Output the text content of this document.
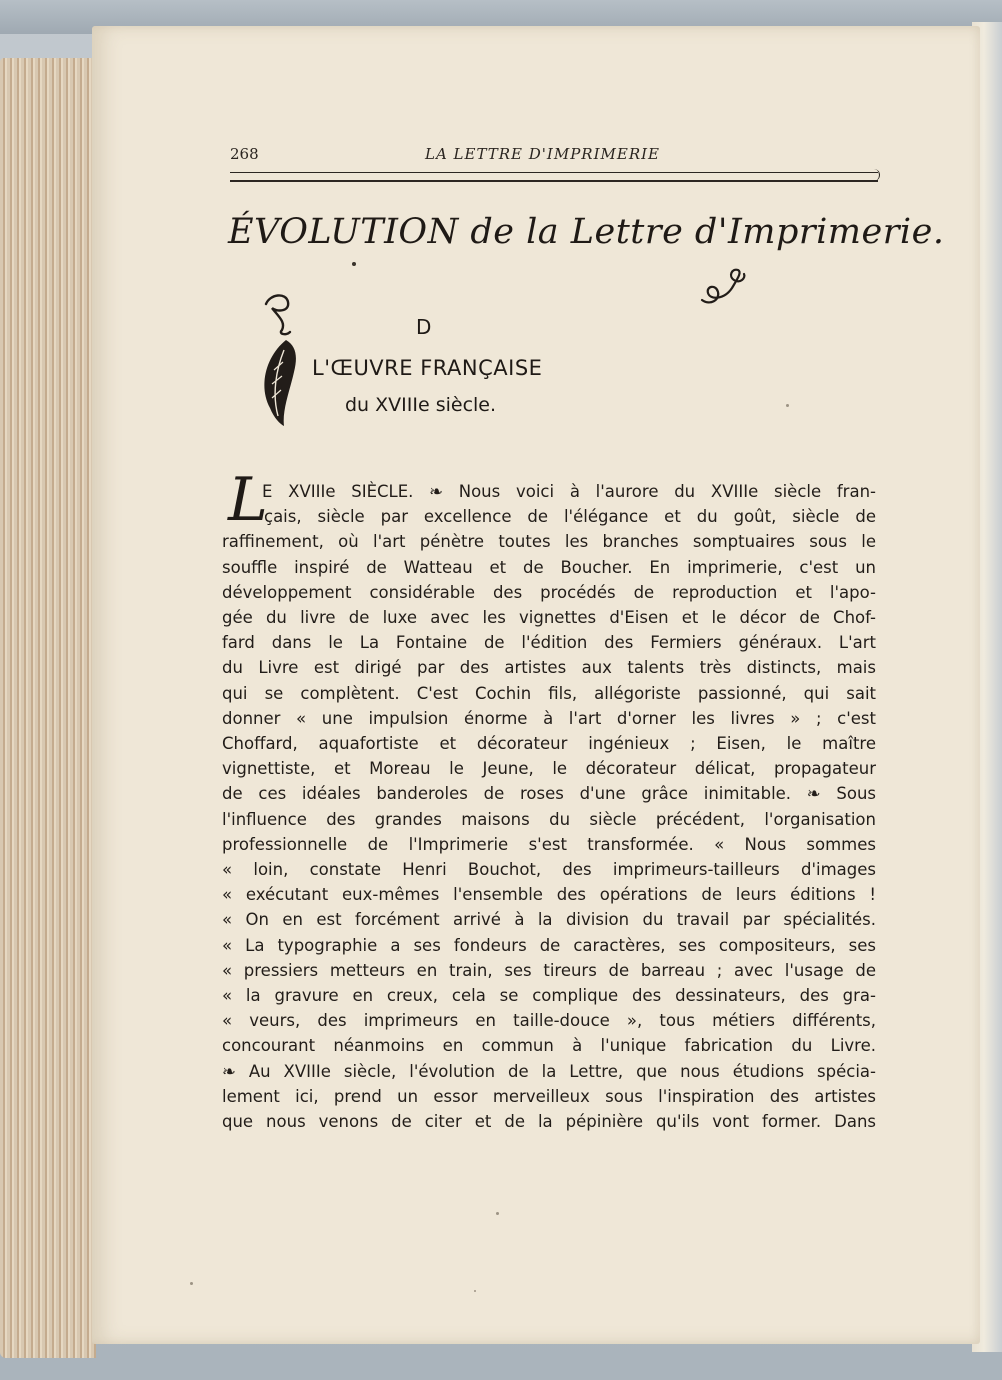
268	LA LETTRE D'IMPRIMERIE
ÉVOLUTION de la Lettre d'Imprimerie.
D
L'ŒUVRE FRANÇAISE
du XVIIIe siècle.
L
E XVIIIe SIÈCLE. ❧ Nous voici à l'aurore du XVIIIe siècle fran-
çais, siècle par excellence de l'élégance et du goût, siècle de
raffinement, où l'art pénètre toutes les branches somptuaires sous le
souffle inspiré de Watteau et de Boucher. En imprimerie, c'est un
développement considérable des procédés de reproduction et l'apo-
gée du livre de luxe avec les vignettes d'Eisen et le décor de Chof-
fard dans le La Fontaine de l'édition des Fermiers généraux. L'art
du Livre est dirigé par des artistes aux talents très distincts, mais
qui se complètent. C'est Cochin fils, allégoriste passionné, qui sait
donner « une impulsion énorme à l'art d'orner les livres » ; c'est
Choffard, aquafortiste et décorateur ingénieux ; Eisen, le maître
vignettiste, et Moreau le Jeune, le décorateur délicat, propagateur
de ces idéales banderoles de roses d'une grâce inimitable. ❧ Sous
l'influence des grandes maisons du siècle précédent, l'organisation
professionnelle de l'Imprimerie s'est transformée. « Nous sommes
« loin, constate Henri Bouchot, des imprimeurs-tailleurs d'images
« exécutant eux-mêmes l'ensemble des opérations de leurs éditions !
« On en est forcément arrivé à la division du travail par spécialités.
« La typographie a ses fondeurs de caractères, ses compositeurs, ses
« pressiers metteurs en train, ses tireurs de barreau ; avec l'usage de
« la gravure en creux, cela se complique des dessinateurs, des gra-
« veurs, des imprimeurs en taille-douce », tous métiers différents,
concourant néanmoins en commun à l'unique fabrication du Livre.
❧ Au XVIIIe siècle, l'évolution de la Lettre, que nous étudions spécia-
lement ici, prend un essor merveilleux sous l'inspiration des artistes
que nous venons de citer et de la pépinière qu'ils vont former. Dans
